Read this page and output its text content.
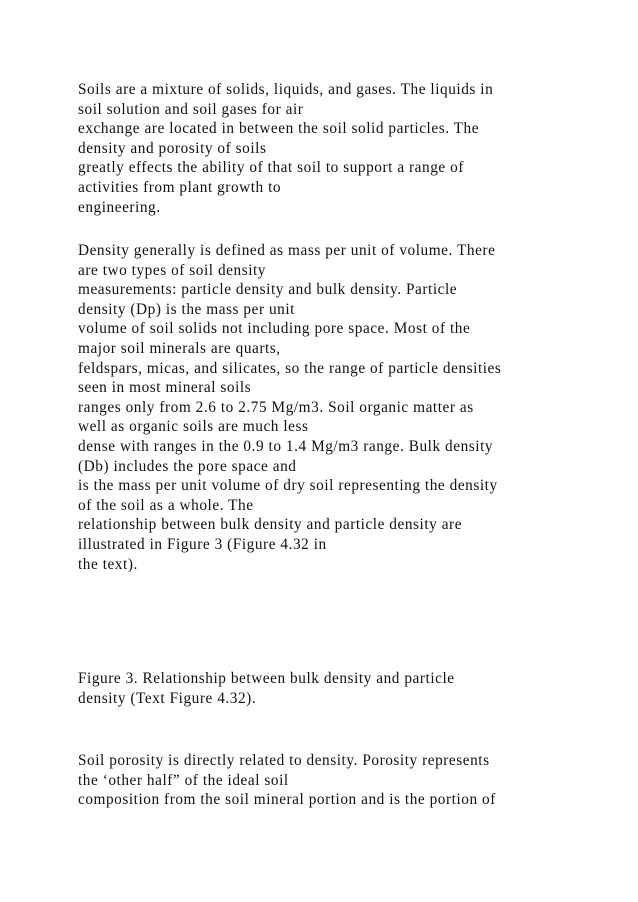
Soils are a mixture of solids, liquids, and gases. The liquids in
soil solution and soil gases for air
exchange are located in between the soil solid particles. The
density and porosity of soils
greatly effects the ability of that soil to support a range of
activities from plant growth to
engineering.
Density generally is defined as mass per unit of volume. There
are two types of soil density
measurements: particle density and bulk density. Particle
density (Dp) is the mass per unit
volume of soil solids not including pore space. Most of the
major soil minerals are quarts,
feldspars, micas, and silicates, so the range of particle densities
seen in most mineral soils
ranges only from 2.6 to 2.75 Mg/m3. Soil organic matter as
well as organic soils are much less
dense with ranges in the 0.9 to 1.4 Mg/m3 range. Bulk density
(Db) includes the pore space and
is the mass per unit volume of dry soil representing the density
of the soil as a whole. The
relationship between bulk density and particle density are
illustrated in Figure 3 (Figure 4.32 in
the text).
Figure 3. Relationship between bulk density and particle
density (Text Figure 4.32).
Soil porosity is directly related to density. Porosity represents
the ‘other half” of the ideal soil
composition from the soil mineral portion and is the portion of
